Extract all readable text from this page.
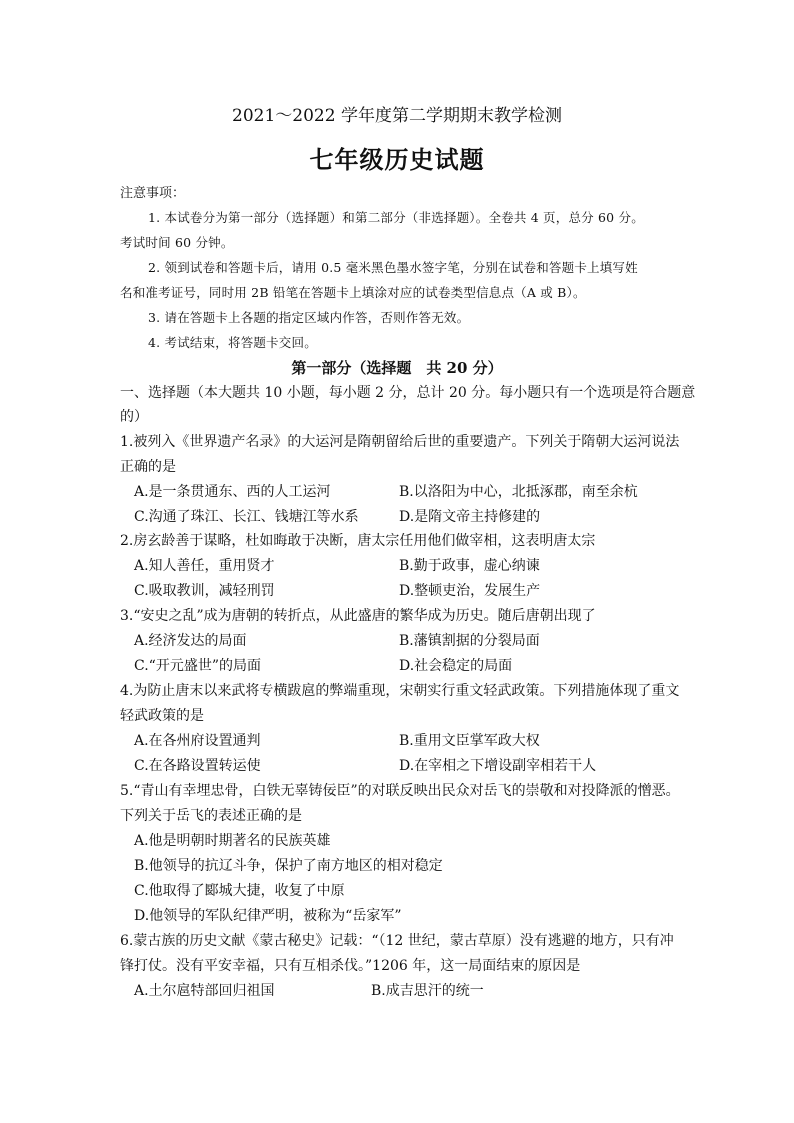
2021～2022 学年度第二学期期末教学检测
七年级历史试题
注意事项：
1. 本试卷分为第一部分（选择题）和第二部分（非选择题）。全卷共 4 页，总分 60 分。
考试时间 60 分钟。
2. 领到试卷和答题卡后，请用 0.5 毫米黑色墨水签字笔，分别在试卷和答题卡上填写姓
名和准考证号，同时用 2B 铅笔在答题卡上填涂对应的试卷类型信息点（A 或 B）。
3. 请在答题卡上各题的指定区域内作答，否则作答无效。
4. 考试结束，将答题卡交回。
第一部分（选择题　共 20 分）
一、选择题（本大题共 10 小题，每小题 2 分，总计 20 分。每小题只有一个选项是符合题意
的）
1.被列入《世界遗产名录》的大运河是隋朝留给后世的重要遗产。下列关于隋朝大运河说法
正确的是
A.是一条贯通东、西的人工运河	B.以洛阳为中心，北抵涿郡，南至余杭
C.沟通了珠江、长江、钱塘江等水系	D.是隋文帝主持修建的
2.房玄龄善于谋略，杜如晦敢于决断，唐太宗任用他们做宰相，这表明唐太宗
A.知人善任，重用贤才	B.勤于政事，虚心纳谏
C.吸取教训，减轻刑罚	D.整顿吏治，发展生产
3.“安史之乱”成为唐朝的转折点，从此盛唐的繁华成为历史。随后唐朝出现了
A.经济发达的局面	B.藩镇割据的分裂局面
C.“开元盛世”的局面	D.社会稳定的局面
4.为防止唐末以来武将专横跋扈的弊端重现，宋朝实行重文轻武政策。下列措施体现了重文
轻武政策的是
A.在各州府设置通判	B.重用文臣掌军政大权
C.在各路设置转运使	D.在宰相之下增设副宰相若干人
5.“青山有幸埋忠骨，白铁无辜铸佞臣”的对联反映出民众对岳飞的崇敬和对投降派的憎恶。
下列关于岳飞的表述正确的是
A.他是明朝时期著名的民族英雄
B.他领导的抗辽斗争，保护了南方地区的相对稳定
C.他取得了郾城大捷，收复了中原
D.他领导的军队纪律严明，被称为“岳家军”
6.蒙古族的历史文献《蒙古秘史》记载：“（12 世纪，蒙古草原）没有逃避的地方，只有冲
锋打仗。没有平安幸福，只有互相杀伐。”1206 年，这一局面结束的原因是
A.土尔扈特部回归祖国	B.成吉思汗的统一
